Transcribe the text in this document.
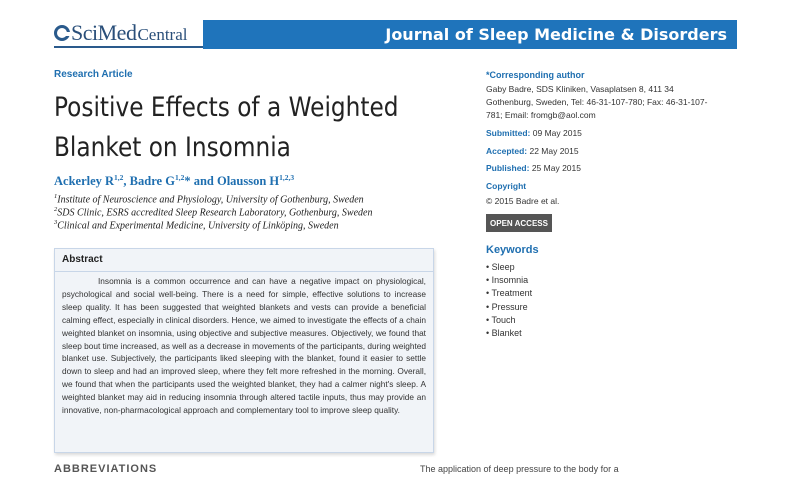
SciMed Central	Journal of Sleep Medicine & Disorders
Research Article
Positive Effects of a Weighted
Blanket on Insomnia
Ackerley R$^{1,2}$, Badre G$^{1,2}$* and Olausson H$^{1,2,3}$
$^1$Institute of Neuroscience and Physiology, University of Gothenburg, Sweden
$^2$SDS Clinic, ESRS accredited Sleep Research Laboratory, Gothenburg, Sweden
$^3$Clinical and Experimental Medicine, University of Linköping, Sweden
Abstract
Insomnia is a common occurrence and can have a negative impact on physiological, psychological and social well-being. There is a need for simple, effective solutions to increase sleep quality. It has been suggested that weighted blankets and vests can provide a beneficial calming effect, especially in clinical disorders. Hence, we aimed to investigate the effects of a chain weighted blanket on insomnia, using objective and subjective measures. Objectively, we found that sleep bout time increased, as well as a decrease in movements of the participants, during weighted blanket use. Subjectively, the participants liked sleeping with the blanket, found it easier to settle down to sleep and had an improved sleep, where they felt more refreshed in the morning. Overall, we found that when the participants used the weighted blanket, they had a calmer night's sleep. A weighted blanket may aid in reducing insomnia through altered tactile inputs, thus may provide an innovative, non-pharmacological approach and complementary tool to improve sleep quality.
ABBREVIATIONS	The application of deep pressure to the body for a
*Corresponding author
Gaby Badre, SDS Kliniken, Vasaplatsen 8, 411 34
Gothenburg, Sweden, Tel: 46-31-107-780; Fax: 46-31-107-
781; Email: fromgb@aol.com
Submitted: 09 May 2015
Accepted: 22 May 2015
Published: 25 May 2015
Copyright
© 2015 Badre et al.
OPEN ACCESS
Keywords
• Sleep
• Insomnia
• Treatment
• Pressure
• Touch
• Blanket
